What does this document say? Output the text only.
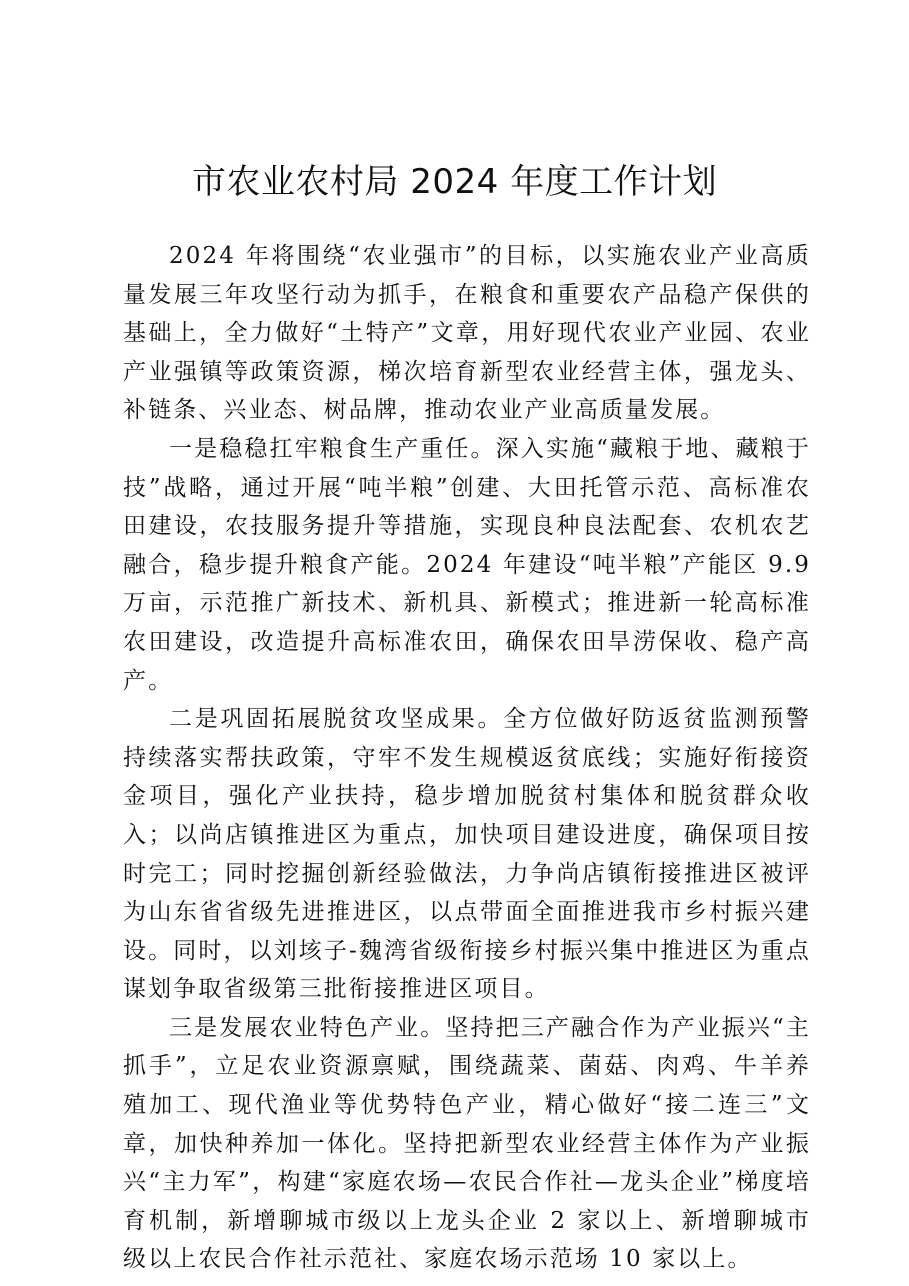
市农业农村局 2024 年度工作计划

2024 年将围绕“农业强市”的目标，以实施农业产业高质量发展三年攻坚行动为抓手，在粮食和重要农产品稳产保供的基础上，全力做好“土特产”文章，用好现代农业产业园、农业产业强镇等政策资源，梯次培育新型农业经营主体，强龙头、补链条、兴业态、树品牌，推动农业产业高质量发展。

一是稳稳扛牢粮食生产重任。深入实施“藏粮于地、藏粮于技”战略，通过开展“吨半粮”创建、大田托管示范、高标准农田建设，农技服务提升等措施，实现良种良法配套、农机农艺融合，稳步提升粮食产能。2024 年建设“吨半粮”产能区 9.9 万亩，示范推广新技术、新机具、新模式；推进新一轮高标准农田建设，改造提升高标准农田，确保农田旱涝保收、稳产高产。

二是巩固拓展脱贫攻坚成果。全方位做好防返贫监测预警持续落实帮扶政策，守牢不发生规模返贫底线；实施好衔接资金项目，强化产业扶持，稳步增加脱贫村集体和脱贫群众收入；以尚店镇推进区为重点，加快项目建设进度，确保项目按时完工；同时挖掘创新经验做法，力争尚店镇衔接推进区被评为山东省省级先进推进区，以点带面全面推进我市乡村振兴建设。同时，以刘垓子-魏湾省级衔接乡村振兴集中推进区为重点谋划争取省级第三批衔接推进区项目。

三是发展农业特色产业。坚持把三产融合作为产业振兴“主抓手”，立足农业资源禀赋，围绕蔬菜、菌菇、肉鸡、牛羊养殖加工、现代渔业等优势特色产业，精心做好“接二连三”文章，加快种养加一体化。坚持把新型农业经营主体作为产业振兴“主力军”，构建“家庭农场—农民合作社—龙头企业”梯度培育机制，新增聊城市级以上龙头企业 2 家以上、新增聊城市级以上农民合作社示范社、家庭农场示范场 10 家以上。
